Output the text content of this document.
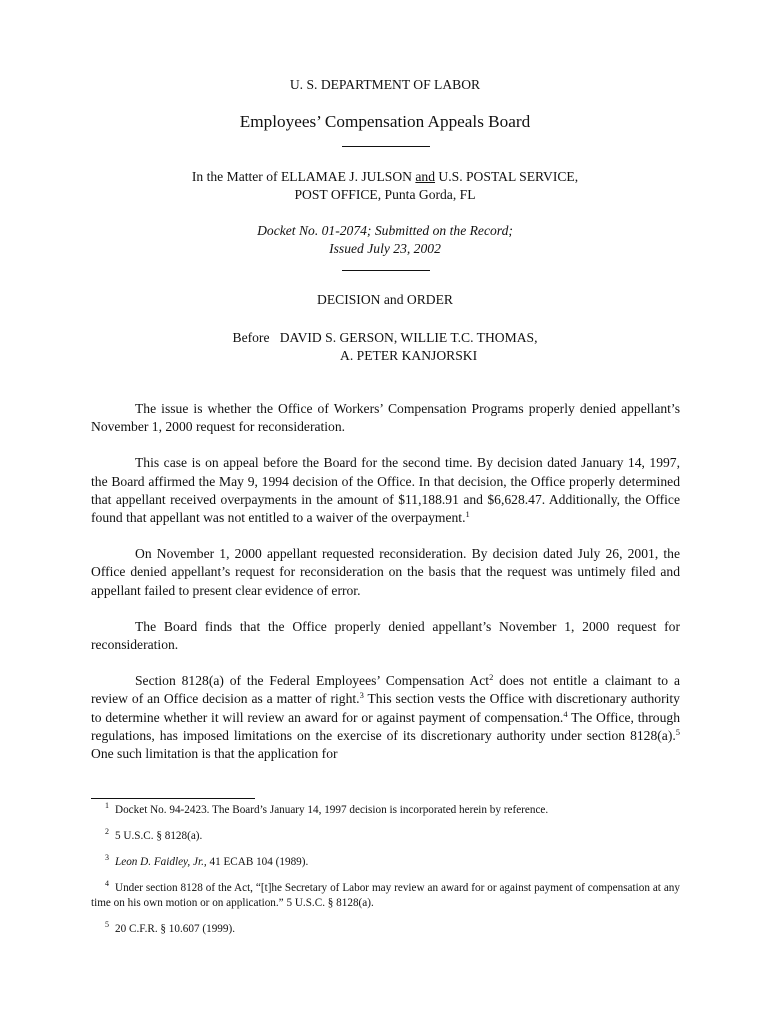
U. S. DEPARTMENT OF LABOR
Employees’ Compensation Appeals Board
In the Matter of ELLAMAE J. JULSON and U.S. POSTAL SERVICE,
POST OFFICE, Punta Gorda, FL
Docket No. 01-2074; Submitted on the Record;
Issued July 23, 2002
DECISION and ORDER
Before   DAVID S. GERSON, WILLIE T.C. THOMAS,
A. PETER KANJORSKI

The issue is whether the Office of Workers’ Compensation Programs properly denied appellant’s November 1, 2000 request for reconsideration.

This case is on appeal before the Board for the second time. By decision dated January 14, 1997, the Board affirmed the May 9, 1994 decision of the Office. In that decision, the Office properly determined that appellant received overpayments in the amount of $11,188.91 and $6,628.47. Additionally, the Office found that appellant was not entitled to a waiver of the overpayment.$^1$

On November 1, 2000 appellant requested reconsideration. By decision dated July 26, 2001, the Office denied appellant’s request for reconsideration on the basis that the request was untimely filed and appellant failed to present clear evidence of error.

The Board finds that the Office properly denied appellant’s November 1, 2000 request for reconsideration.

Section 8128(a) of the Federal Employees’ Compensation Act$^2$ does not entitle a claimant to a review of an Office decision as a matter of right.$^3$ This section vests the Office with discretionary authority to determine whether it will review an award for or against payment of compensation.$^4$ The Office, through regulations, has imposed limitations on the exercise of its discretionary authority under section 8128(a).$^5$ One such limitation is that the application for

$^1$ Docket No. 94-2423. The Board’s January 14, 1997 decision is incorporated herein by reference.
$^2$ 5 U.S.C. § 8128(a).
$^3$ Leon D. Faidley, Jr., 41 ECAB 104 (1989).
$^4$ Under section 8128 of the Act, “[t]he Secretary of Labor may review an award for or against payment of compensation at any time on his own motion or on application.” 5 U.S.C. § 8128(a).
$^5$ 20 C.F.R. § 10.607 (1999).
